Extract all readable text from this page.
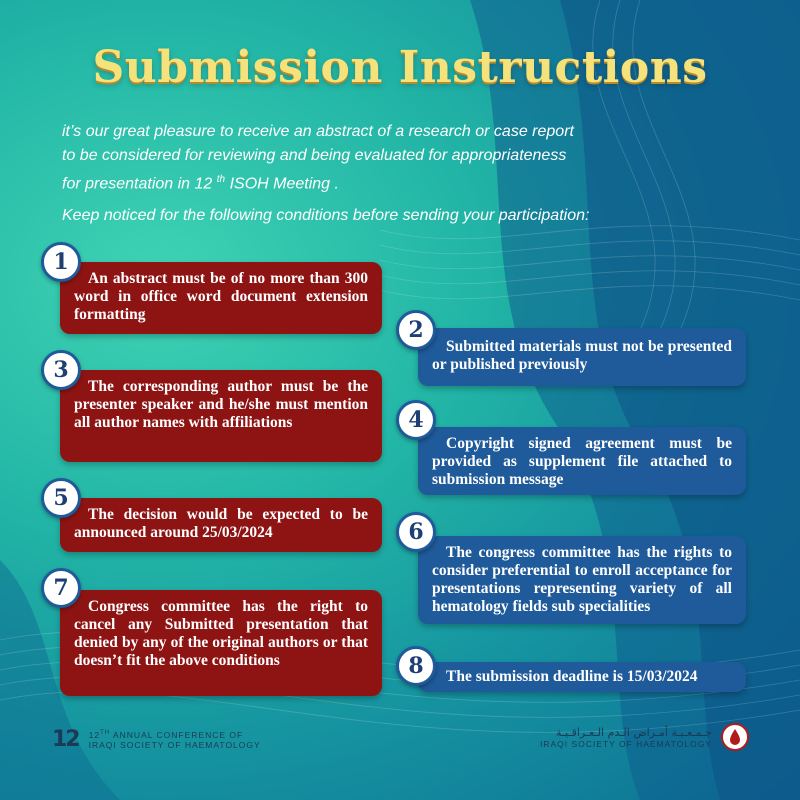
Submission Instructions
it’s our great pleasure to receive an abstract of a research or case report
to be considered for reviewing and being evaluated for appropriateness
for presentation in 12 $^{th}$ ISOH Meeting .
Keep noticed for the following conditions before sending your participation:
An abstract must be of no more than 300 word in office word document extension formatting
1
Submitted materials must not be presented or published previously
2
The corresponding author must be the presenter speaker and he/she must mention all author names with affiliations
3
Copyright signed agreement must be provided as supplement file attached to submission message
4
The decision would be expected to be announced around 25/03/2024
5
The congress committee has the rights to consider preferential to enroll acceptance for presentations representing variety of all hematology fields sub specialities
6
Congress committee has the right to cancel any Submitted presentation that denied by any of the original authors or that doesn’t fit the above conditions
7
The submission deadline is 15/03/2024
8
12 12TH ANNUAL CONFERENCE OF
IRAQI SOCIETY OF HAEMATOLOGY
جـمـعـيـة أمـراض الـدم الـعـراقـيـة
IRAQI SOCIETY OF HAEMATOLOGY
